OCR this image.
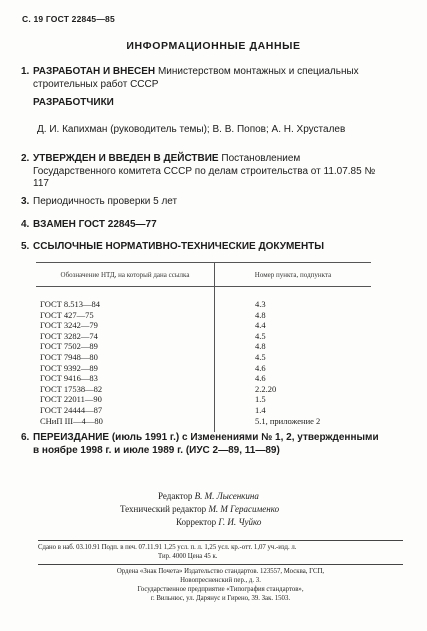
С. 19 ГОСТ 22845—85
ИНФОРМАЦИОННЫЕ ДАННЫЕ
1. РАЗРАБОТАН И ВНЕСЕН Министерством монтажных и специальных строительных работ СССР
РАЗРАБОТЧИКИ
Д. И. Капихман (руководитель темы); В. В. Попов; А. Н. Хрусталев
2. УТВЕРЖДЕН И ВВЕДЕН В ДЕЙСТВИЕ Постановлением Государственного комитета СССР по делам строительства от 11.07.85 № 117
3. Периодичность проверки 5 лет
4. ВЗАМЕН ГОСТ 22845—77
5. ССЫЛОЧНЫЕ НОРМАТИВНО-ТЕХНИЧЕСКИЕ ДОКУМЕНТЫ
Обозначение НТД, на который дана ссылка	Номер пункта, подпункта
ГОСТ 8.513—84	4.3
ГОСТ 427—75	4.8
ГОСТ 3242—79	4.4
ГОСТ 3282—74	4.5
ГОСТ 7502—89	4.8
ГОСТ 7948—80	4.5
ГОСТ 9392—89	4.6
ГОСТ 9416—83	4.6
ГОСТ 17538—82	2.2.20
ГОСТ 22011—90	1.5
ГОСТ 24444—87	1.4
СНиП III—4—80	5.1, приложение 2
6. ПЕРЕИЗДАНИЕ (июль 1991 г.) с Изменениями № 1, 2, утвержденными в ноябре 1998 г. и июле 1989 г. (ИУС 2—89, 11—89)
Редактор В. М. Лысенкина
Технический редактор М. М Герасименко
Корректор Г. И. Чуйко
Сдано в наб. 03.10.91 Подп. в печ. 07.11.91 1,25 усл. п. л. 1,25 усл. кр.-отт. 1,07 уч.-изд. л.
Тир. 4000 Цена 45 к.
Ордена «Знак Почета» Издательство стандартов. 123557, Москва, ГСП,
Новопресненский пер., д. 3.
Государственное предприятие «Типография стандартов»,
г. Вильнюс, ул. Дарянус и Гирено, 39. Зак. 1503.
